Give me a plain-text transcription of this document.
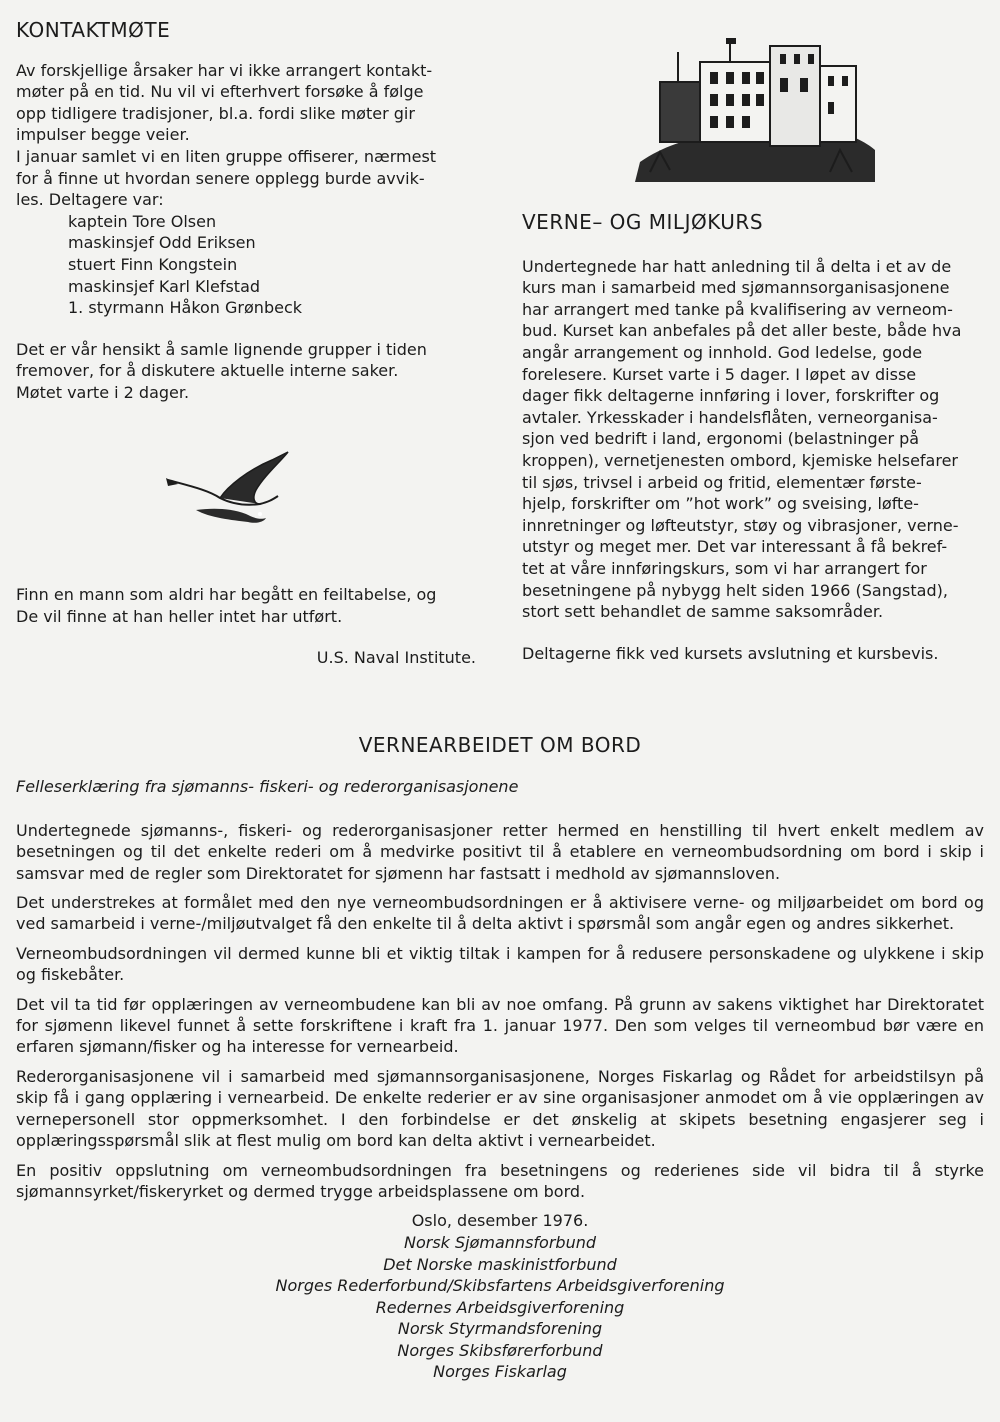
KONTAKTMØTE
Av forskjellige årsaker har vi ikke arrangert kontakt-
møter på en tid. Nu vil vi efterhvert forsøke å følge
opp tidligere tradisjoner, bl.a. fordi slike møter gir
impulser begge veier.
I januar samlet vi en liten gruppe offiserer, nærmest
for å finne ut hvordan senere opplegg burde avvik-
les. Deltagere var:
kaptein Tore Olsen
maskinsjef Odd Eriksen
stuert Finn Kongstein
maskinsjef Karl Klefstad
1. styrmann Håkon Grønbeck
Det er vår hensikt å samle lignende grupper i tiden
fremover, for å diskutere aktuelle interne saker.
Møtet varte i 2 dager.
Finn en mann som aldri har begått en feiltabelse, og
De vil finne at han heller intet har utført.
U.S. Naval Institute.
VERNE– OG MILJØKURS
Undertegnede har hatt anledning til å delta i et av de
kurs man i samarbeid med sjømannsorganisasjonene
har arrangert med tanke på kvalifisering av verneom-
bud. Kurset kan anbefales på det aller beste, både hva
angår arrangement og innhold. God ledelse, gode
forelesere. Kurset varte i 5 dager. I løpet av disse
dager fikk deltagerne innføring i lover, forskrifter og
avtaler. Yrkesskader i handelsflåten, verneorganisa-
sjon ved bedrift i land, ergonomi (belastninger på
kroppen), vernetjenesten ombord, kjemiske helsefarer
til sjøs, trivsel i arbeid og fritid, elementær første-
hjelp, forskrifter om ”hot work” og sveising, løfte-
innretninger og løfteutstyr, støy og vibrasjoner, verne-
utstyr og meget mer. Det var interessant å få bekref-
tet at våre innføringskurs, som vi har arrangert for
besetningene på nybygg helt siden 1966 (Sangstad),
stort sett behandlet de samme saksområder.
Deltagerne fikk ved kursets avslutning et kursbevis.
VERNEARBEIDET OM BORD
Felleserklæring fra sjømanns- fiskeri- og rederorganisasjonene

Undertegnede sjømanns-, fiskeri- og rederorganisasjoner retter hermed en henstilling til hvert enkelt medlem av besetningen og til det enkelte rederi om å medvirke positivt til å etablere en verneombudsordning om bord i skip i samsvar med de regler som Direktoratet for sjømenn har fastsatt i medhold av sjømannsloven.

Det understrekes at formålet med den nye verneombudsordningen er å aktivisere verne- og miljøarbeidet om bord og ved samarbeid i verne-/miljøutvalget få den enkelte til å delta aktivt i spørsmål som angår egen og andres sikkerhet.

Verneombudsordningen vil dermed kunne bli et viktig tiltak i kampen for å redusere personskadene og ulykkene i skip og fiskebåter.

Det vil ta tid før opplæringen av verneombudene kan bli av noe omfang. På grunn av sakens viktighet har Direktoratet for sjømenn likevel funnet å sette forskriftene i kraft fra 1. januar 1977. Den som velges til verneombud bør være en erfaren sjømann/fisker og ha interesse for vernearbeid.

Rederorganisasjonene vil i samarbeid med sjømannsorganisasjonene, Norges Fiskarlag og Rådet for arbeidstilsyn på skip få i gang opplæring i vernearbeid. De enkelte rederier er av sine organisasjoner anmodet om å vie opplæringen av vernepersonell stor oppmerksomhet. I den forbindelse er det ønskelig at skipets besetning engasjerer seg i opplæringsspørsmål slik at flest mulig om bord kan delta aktivt i vernearbeidet.

En positiv oppslutning om verneombudsordningen fra besetningens og rederienes side vil bidra til å styrke sjømannsyrket/fiskeryrket og dermed trygge arbeidsplassene om bord.

Oslo, desember 1976.
Norsk Sjømannsforbund
Det Norske maskinistforbund
Norges Rederforbund/Skibsfartens Arbeidsgiverforening
Redernes Arbeidsgiverforening
Norsk Styrmandsforening
Norges Skibsførerforbund
Norges Fiskarlag
